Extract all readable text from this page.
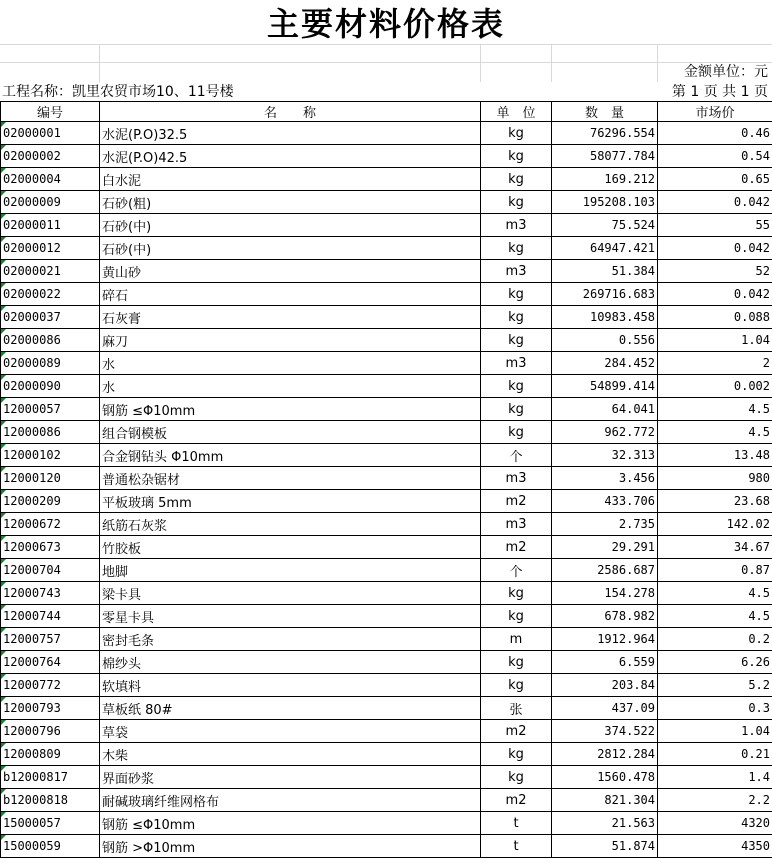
主要材料价格表
金额单位：元
工程名称：凯里农贸市场10、11号楼	第 1 页 共 1 页
编号	名　　称	单　位	数　量	市场价
02000001	水泥(P.O)32.5	kg	76296.554	0.46
02000002	水泥(P.O)42.5	kg	58077.784	0.54
02000004	白水泥	kg	169.212	0.65
02000009	石砂(粗)	kg	195208.103	0.042
02000011	石砂(中)	m3	75.524	55
02000012	石砂(中)	kg	64947.421	0.042
02000021	黄山砂	m3	51.384	52
02000022	碎石	kg	269716.683	0.042
02000037	石灰膏	kg	10983.458	0.088
02000086	麻刀	kg	0.556	1.04
02000089	水	m3	284.452	2
02000090	水	kg	54899.414	0.002
12000057	钢筋 ≤Φ10mm	kg	64.041	4.5
12000086	组合钢模板	kg	962.772	4.5
12000102	合金钢钻头 Φ10mm	个	32.313	13.48
12000120	普通松杂锯材	m3	3.456	980
12000209	平板玻璃 5mm	m2	433.706	23.68
12000672	纸筋石灰浆	m3	2.735	142.02
12000673	竹胶板	m2	29.291	34.67
12000704	地脚	个	2586.687	0.87
12000743	梁卡具	kg	154.278	4.5
12000744	零星卡具	kg	678.982	4.5
12000757	密封毛条	m	1912.964	0.2
12000764	棉纱头	kg	6.559	6.26
12000772	软填料	kg	203.84	5.2
12000793	草板纸 80#	张	437.09	0.3
12000796	草袋	m2	374.522	1.04
12000809	木柴	kg	2812.284	0.21
b12000817	界面砂浆	kg	1560.478	1.4
b12000818	耐碱玻璃纤维网格布	m2	821.304	2.2
15000057	钢筋 ≤Φ10mm	t	21.563	4320
15000059	钢筋 >Φ10mm	t	51.874	4350
